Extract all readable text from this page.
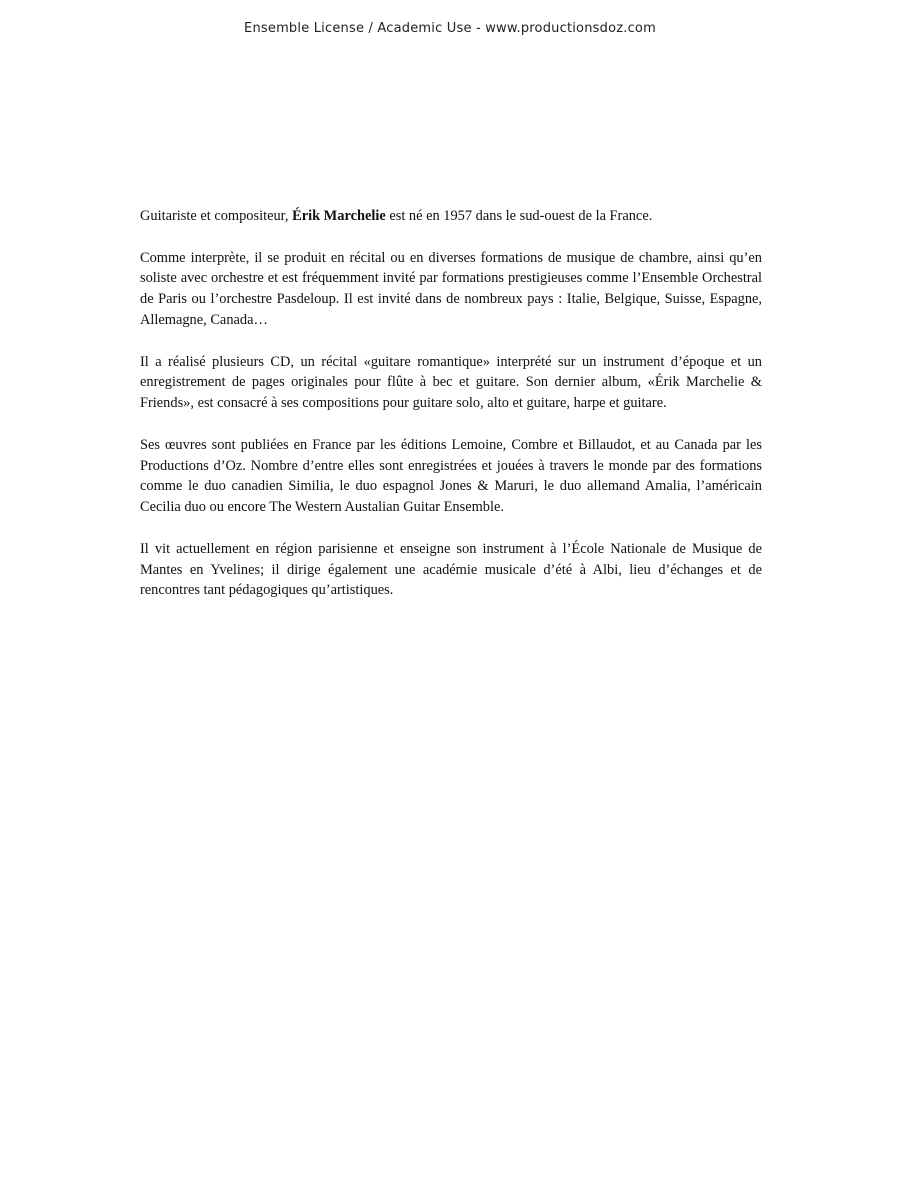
Ensemble License / Academic Use - www.productionsdoz.com

Guitariste et compositeur, Érik Marchelie est né en 1957 dans le sud-ouest de la France.

Comme interprète, il se produit en récital ou en diverses formations de musique de chambre, ainsi qu’en soliste avec orchestre et est fréquemment invité par formations prestigieuses comme l’Ensemble Orchestral de Paris ou l’orchestre Pasdeloup. Il est invité dans de nombreux pays : Italie, Belgique, Suisse, Espagne, Allemagne, Canada…

Il a réalisé plusieurs CD, un récital «guitare romantique» interprété sur un instrument d’époque et un enregistrement de pages originales pour flûte à bec et guitare. Son dernier album, «Érik Marchelie & Friends», est consacré à ses compositions pour guitare solo, alto et guitare, harpe et guitare.

Ses œuvres sont publiées en France par les éditions Lemoine, Combre et Billaudot, et au Canada par les Productions d’Oz. Nombre d’entre elles sont enregistrées et jouées à travers le monde par des formations comme le duo canadien Similia, le duo espagnol Jones & Maruri, le duo allemand Amalia, l’américain Cecilia duo ou encore The Western Austalian Guitar Ensemble.

Il vit actuellement en région parisienne et enseigne son instrument à l’École Nationale de Musique de Mantes en Yvelines; il dirige également une académie musicale d’été à Albi, lieu d’échanges et de rencontres tant pédagogiques qu’artistiques.
